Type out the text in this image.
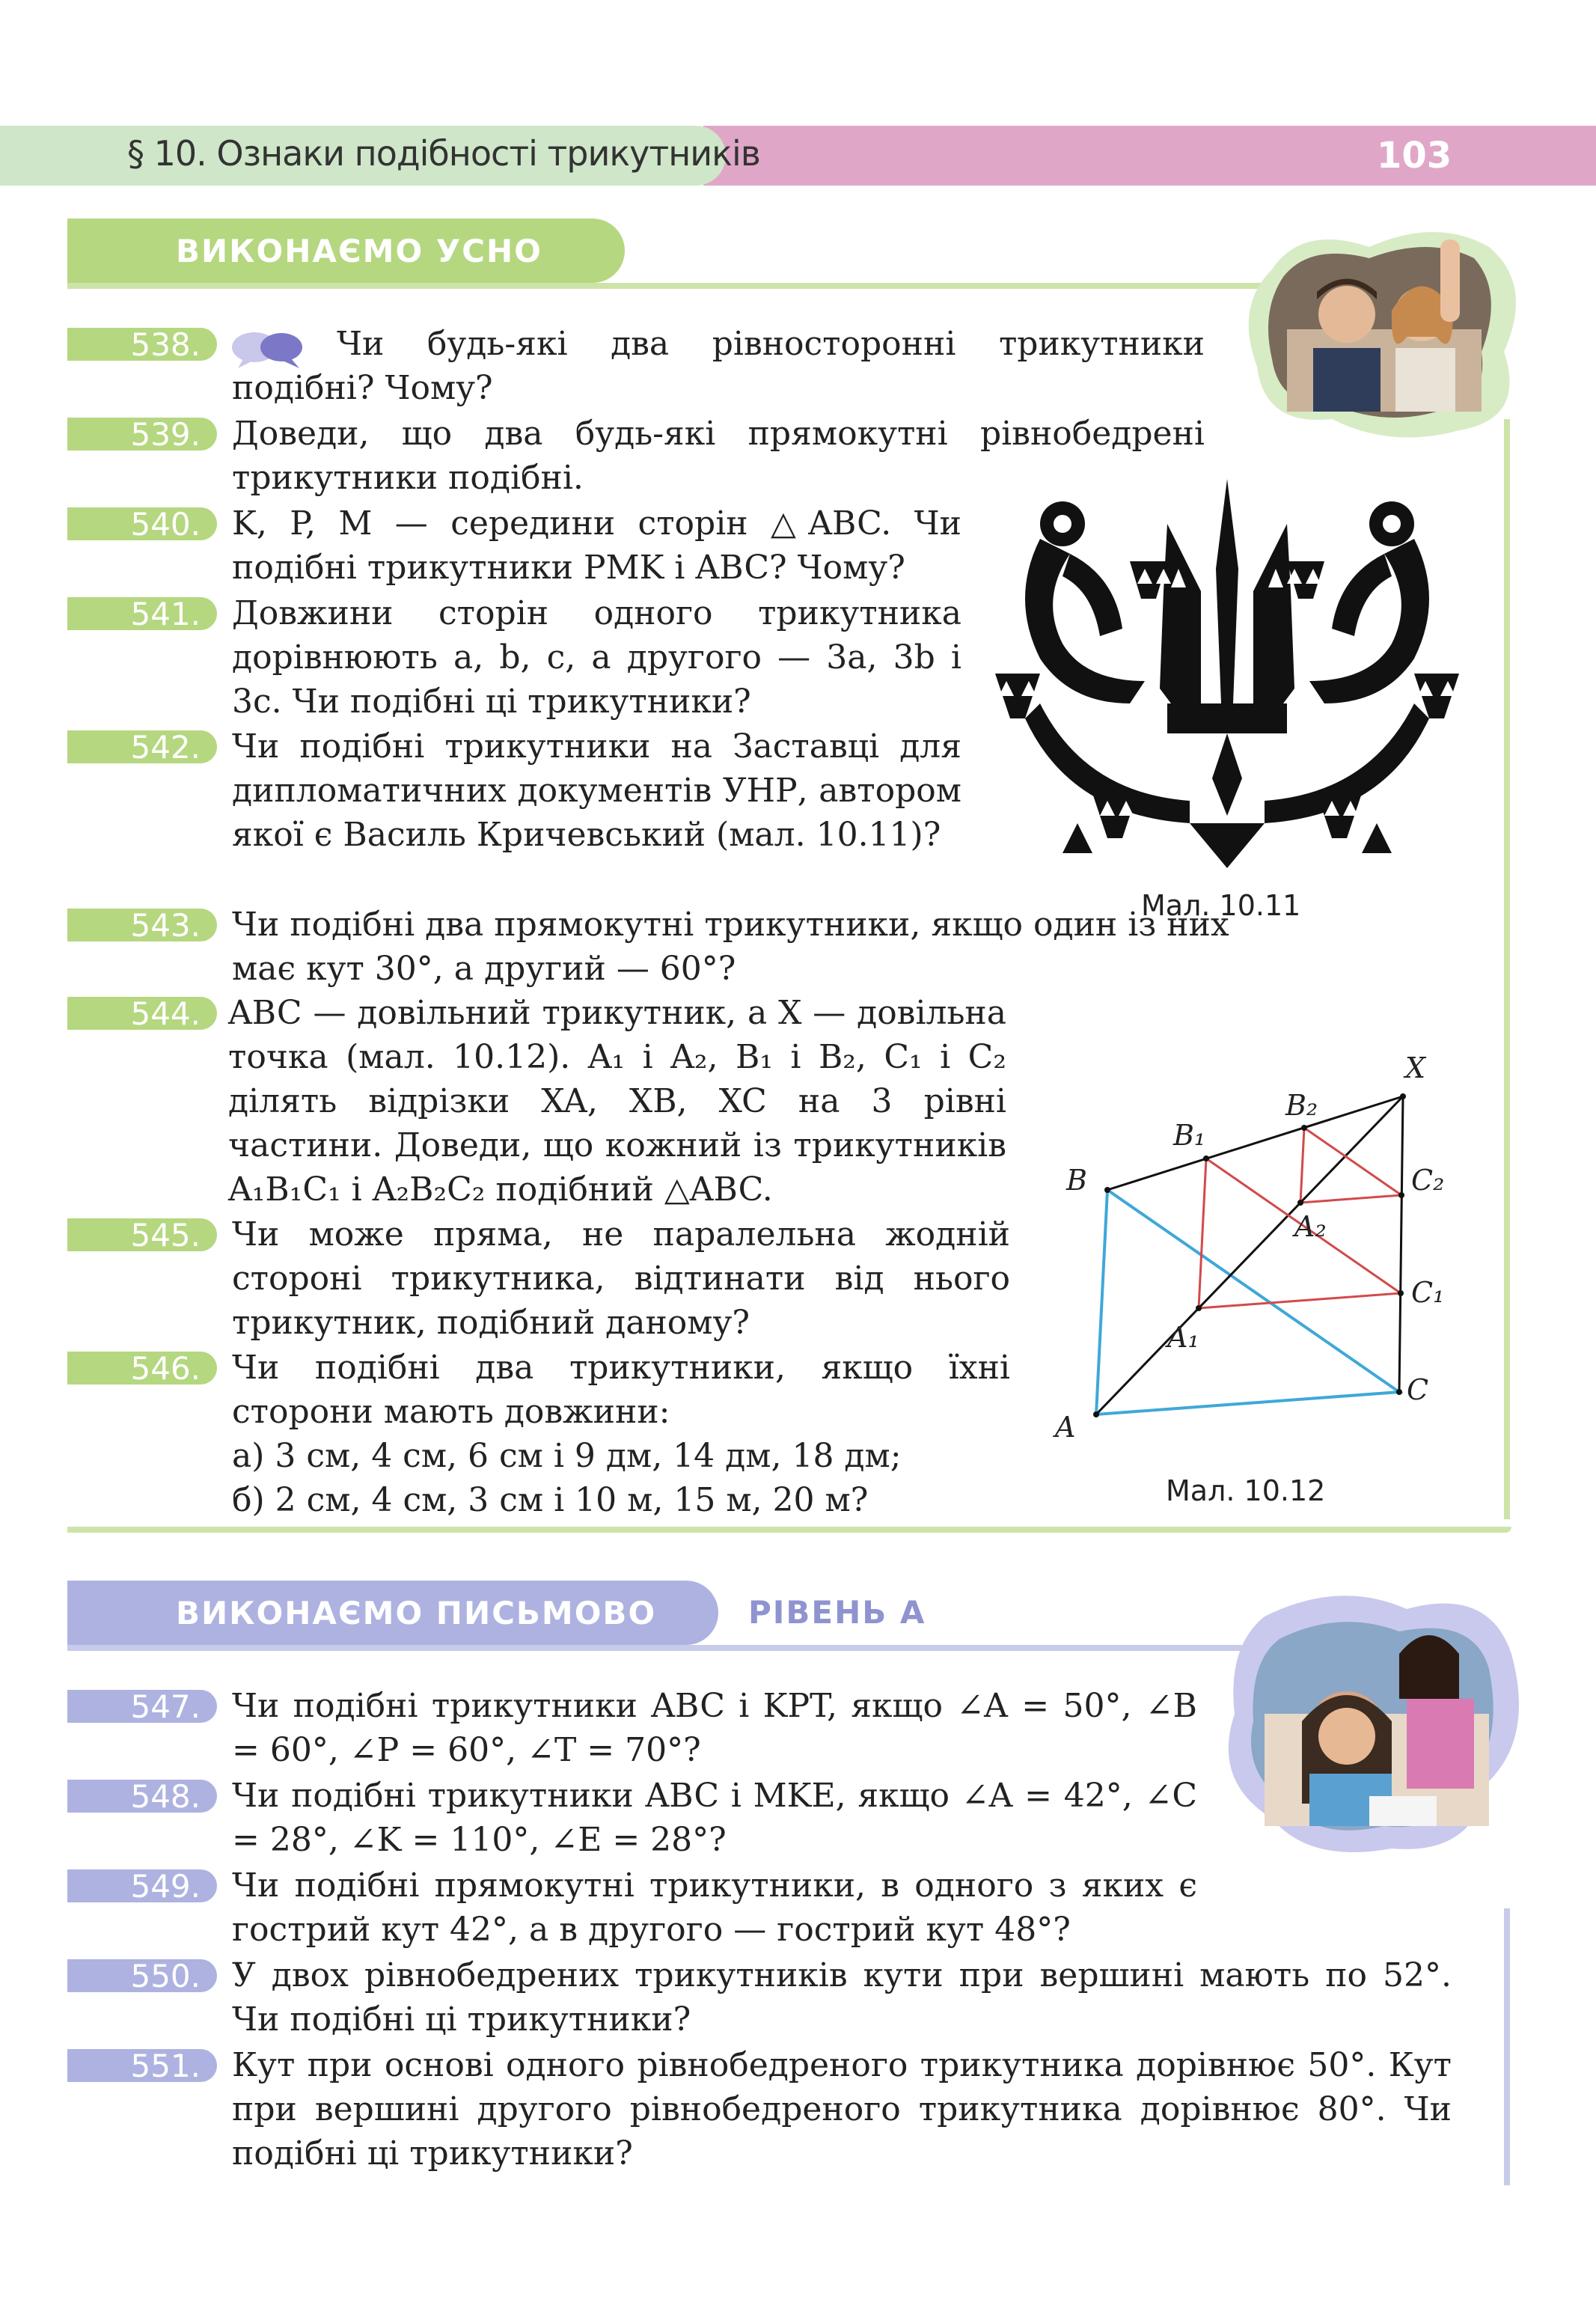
§ 10. Ознаки подібності трикутників	103
ВИКОНАЄМО УСНО
Мал. 10.11
X
B₂
B₁
B	C₂
A₂
C₁
A₁
C
A
Мал. 10.12
538.	Чи будь-які два рівносторонні трикутники подібні? Чому?
539. Доведи, що два будь-які прямокутні рівнобедрені трикутники подібні.
540. K, P, M — середини сторін △ABC. Чи подібні трикутники PMK і ABC? Чому?
541. Довжини сторін одного трикутника дорівнюють a, b, c, а другого — 3a, 3b і 3c. Чи подібні ці трикутники?
542. Чи подібні трикутники на Заставці для дипломатичних документів УНР, автором якої є Василь Кричевський (мал. 10.11)?
543. Чи подібні два прямокутні трикутники, якщо один із них має кут 30°, а другий — 60°?
544. ABC — довільний трикутник, а X — довільна точка (мал. 10.12). A₁ і A₂, B₁ і B₂, C₁ і C₂ ділять відрізки XA, XB, XC на 3 рівні частини. Доведи, що кожний із трикутників A₁B₁C₁ і A₂B₂C₂ подібний △ABC.
545. Чи може пряма, не паралельна жодній стороні трикутника, відтинати від нього трикутник, подібний даному?
546. Чи подібні два трикутники, якщо їхні сторони мають довжини:
а) 3 см, 4 см, 6 см і 9 дм, 14 дм, 18 дм;
б) 2 см, 4 см, 3 см і 10 м, 15 м, 20 м?
ВИКОНАЄМО ПИСЬМОВО	РІВЕНЬ А
547. Чи подібні трикутники ABC і KPT, якщо ∠A = 50°, ∠B = 60°, ∠P = 60°, ∠T = 70°?
548. Чи подібні трикутники ABC і MKE, якщо ∠A = 42°, ∠C = 28°, ∠K = 110°, ∠E = 28°?
549. Чи подібні прямокутні трикутники, в одного з яких є гострий кут 42°, а в другого — гострий кут 48°?
550. У двох рівнобедрених трикутників кути при вершині мають по 52°. Чи подібні ці трикутники?
551. Кут при основі одного рівнобедреного трикутника дорівнює 50°. Кут при вершині другого рівнобедреного трикутника дорівнює 80°. Чи подібні ці трикутники?
